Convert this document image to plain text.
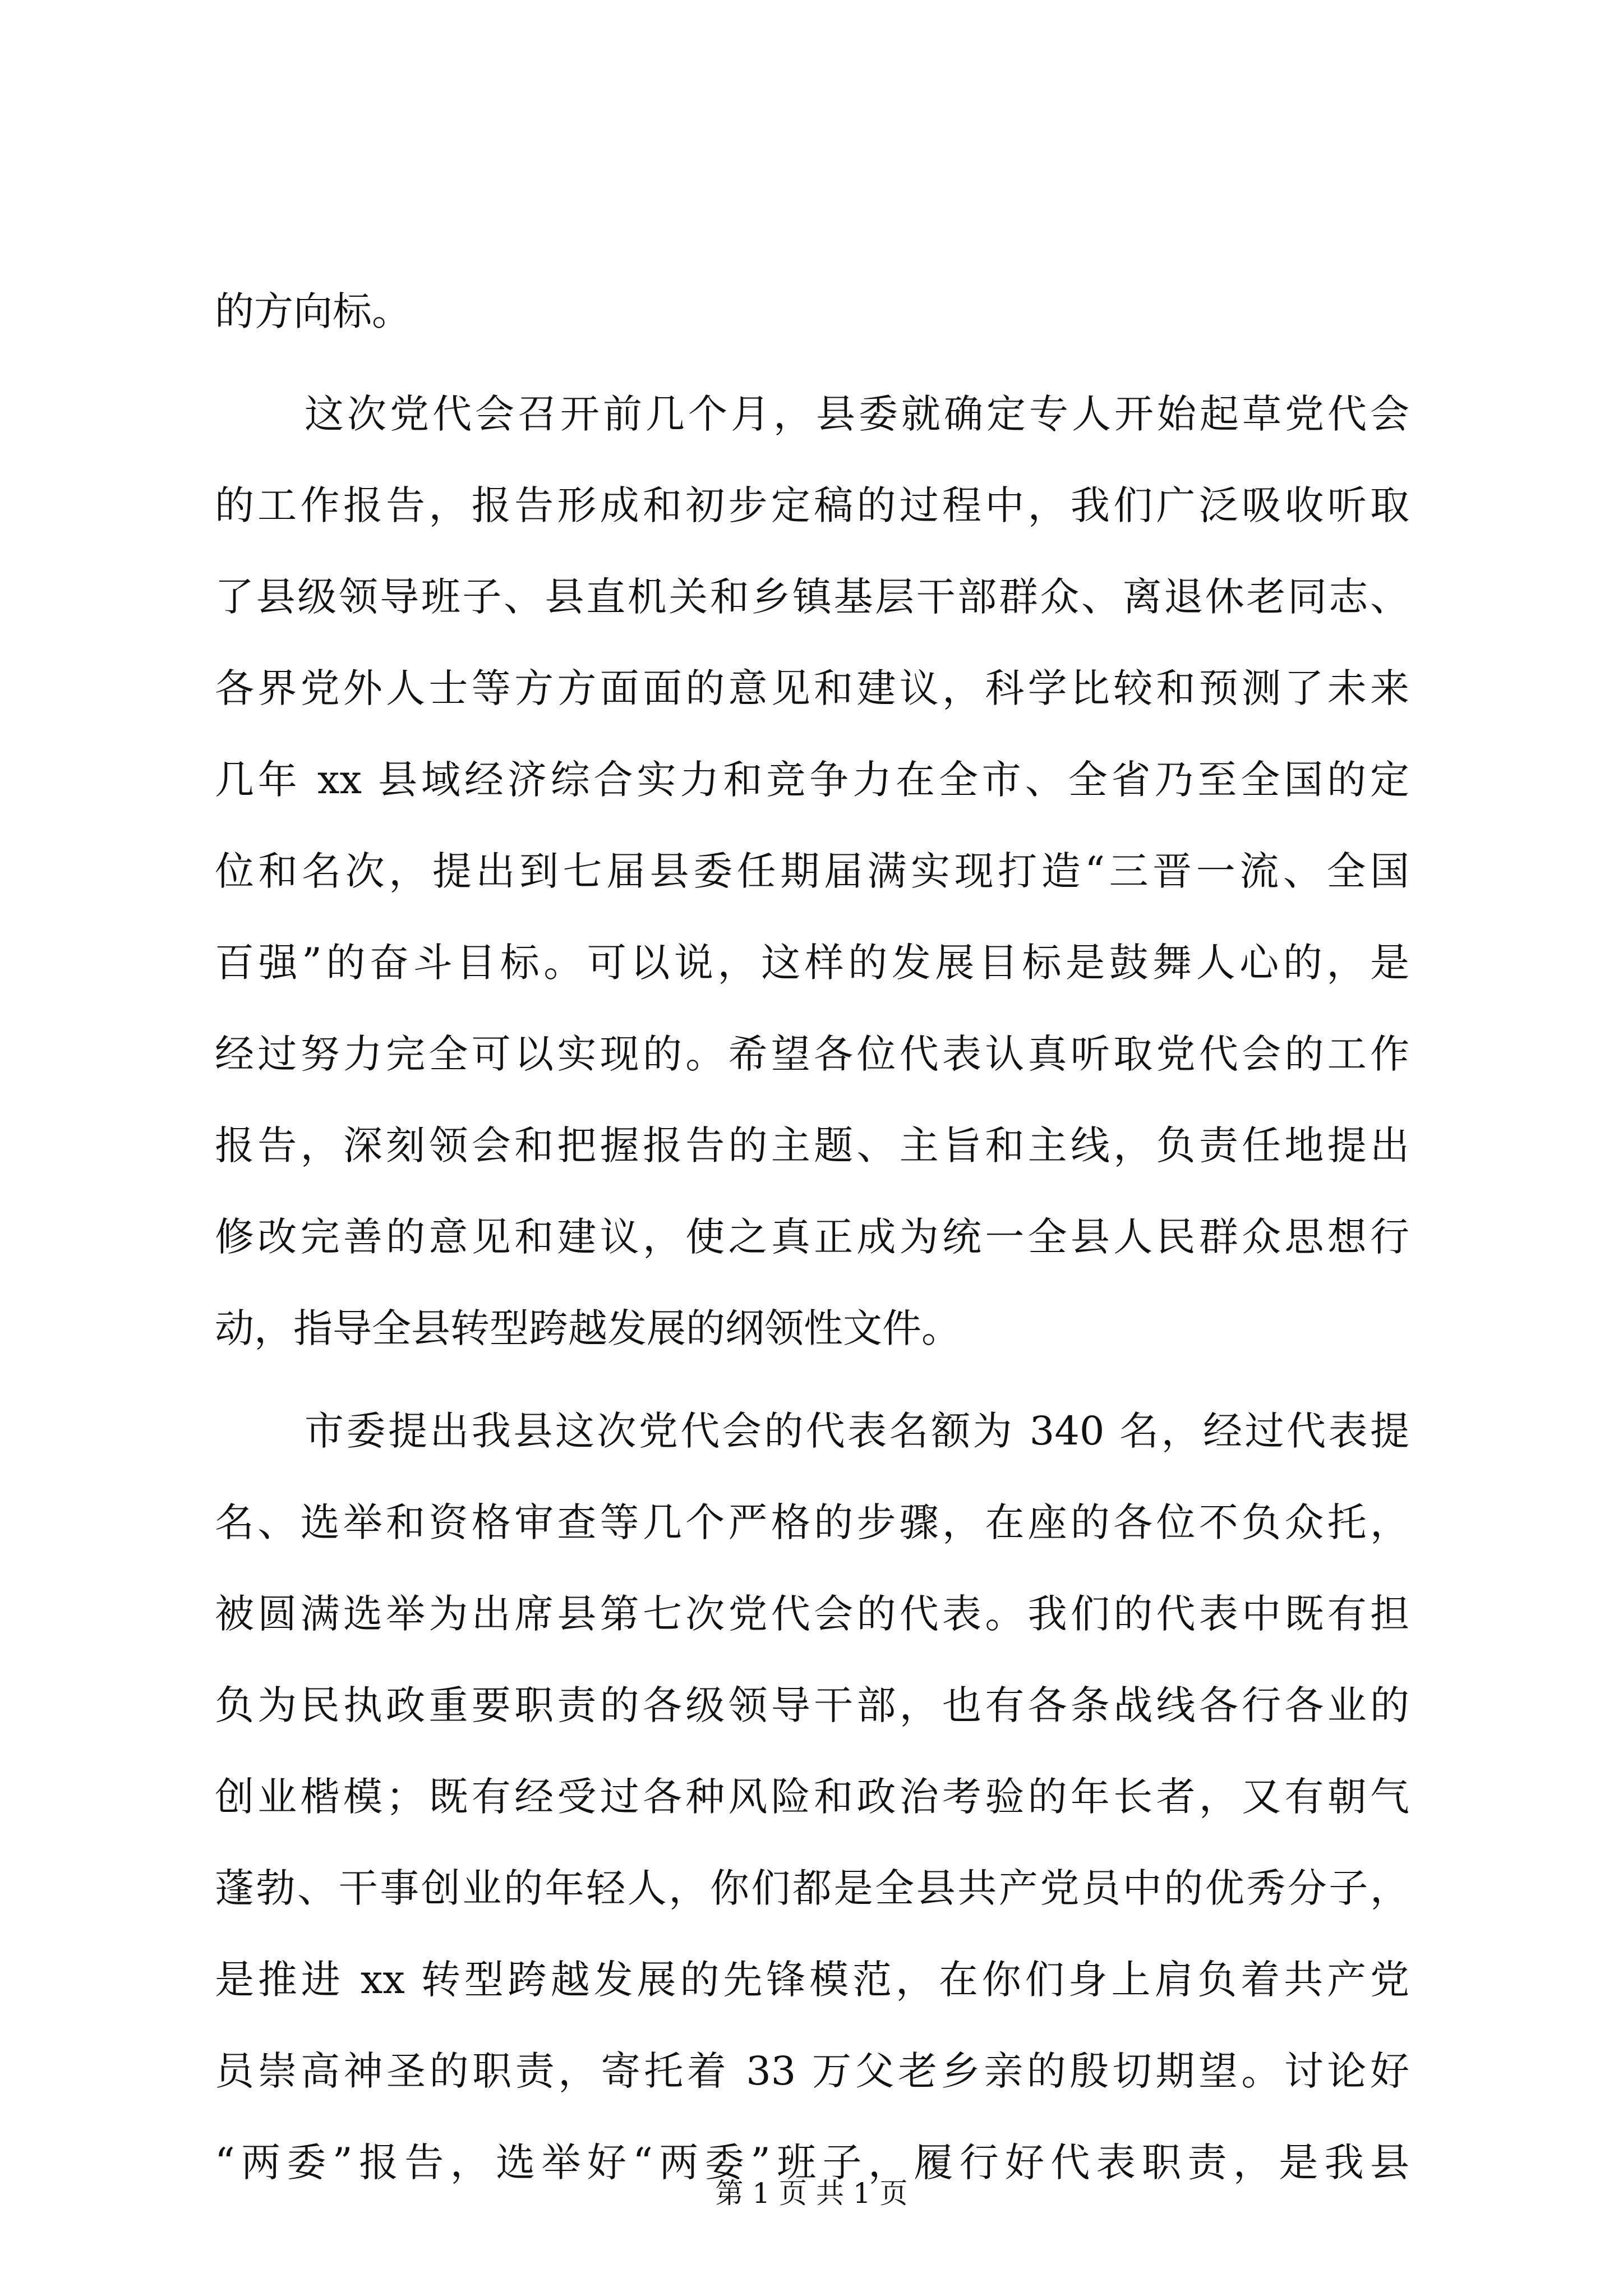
的方向标。
这次党代会召开前几个月，县委就确定专人开始起草党代会
的工作报告，报告形成和初步定稿的过程中，我们广泛吸收听取
了县级领导班子、县直机关和乡镇基层干部群众、离退休老同志、
各界党外人士等方方面面的意见和建议，科学比较和预测了未来
几年 xx 县域经济综合实力和竞争力在全市、全省乃至全国的定
位和名次，提出到七届县委任期届满实现打造“三晋一流、全国
百强”的奋斗目标。可以说，这样的发展目标是鼓舞人心的，是
经过努力完全可以实现的。希望各位代表认真听取党代会的工作
报告，深刻领会和把握报告的主题、主旨和主线，负责任地提出
修改完善的意见和建议，使之真正成为统一全县人民群众思想行
动，指导全县转型跨越发展的纲领性文件。
市委提出我县这次党代会的代表名额为 340 名，经过代表提
名、选举和资格审查等几个严格的步骤，在座的各位不负众托，
被圆满选举为出席县第七次党代会的代表。我们的代表中既有担
负为民执政重要职责的各级领导干部，也有各条战线各行各业的
创业楷模；既有经受过各种风险和政治考验的年长者，又有朝气
蓬勃、干事创业的年轻人，你们都是全县共产党员中的优秀分子，
是推进 xx 转型跨越发展的先锋模范，在你们身上肩负着共产党
员崇高神圣的职责，寄托着 33 万父老乡亲的殷切期望。讨论好
“两委”报告，选举好“两委”班子，履行好代表职责，是我县
第 1 页 共 1 页
